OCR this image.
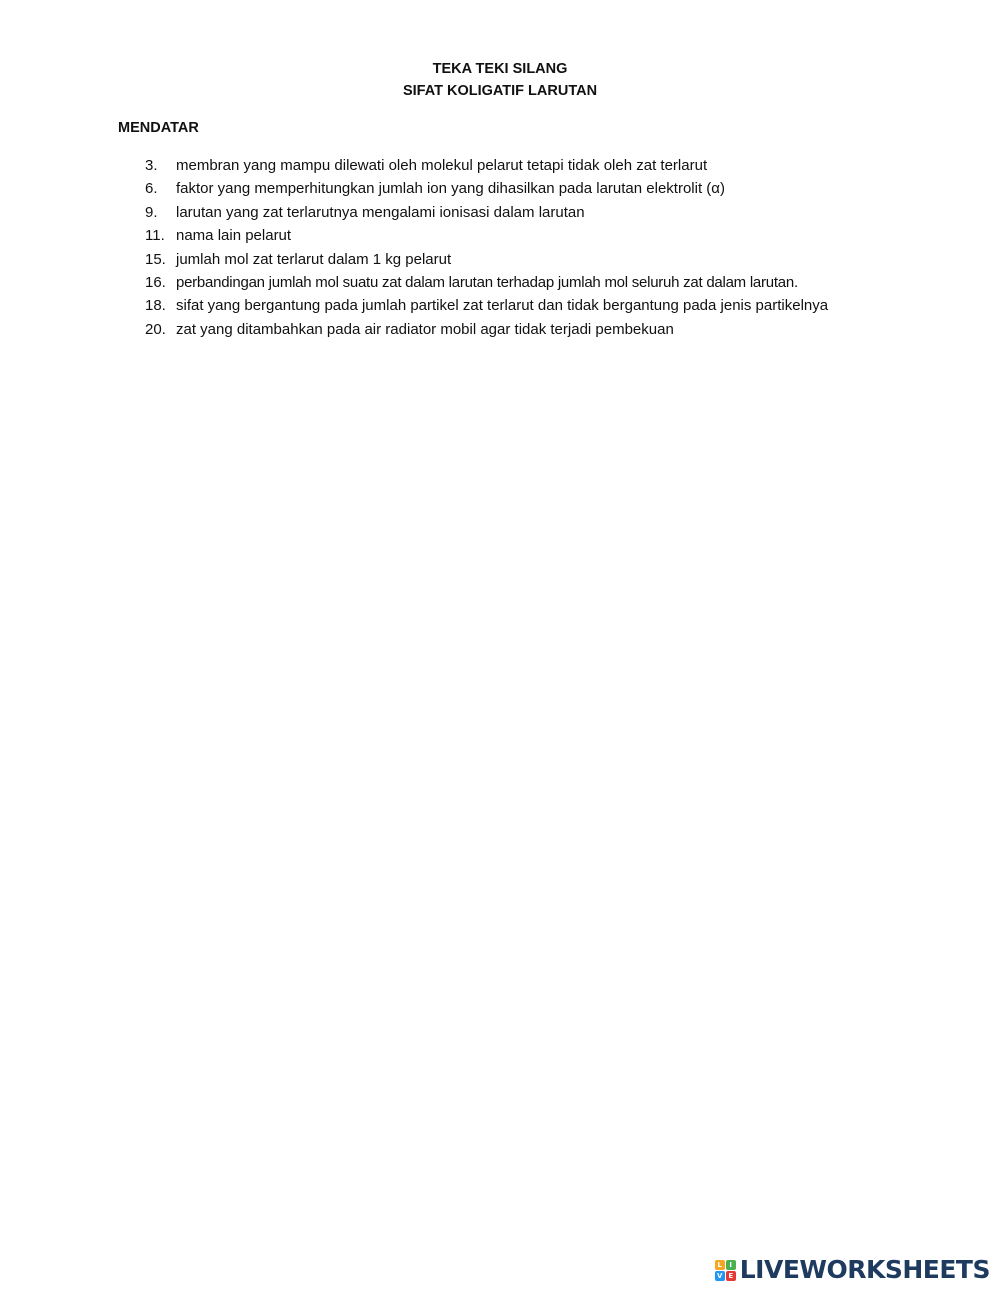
TEKA TEKI SILANG
SIFAT KOLIGATIF LARUTAN
MENDATAR
3.	membran yang mampu dilewati oleh molekul pelarut tetapi tidak oleh zat terlarut
6.	faktor yang memperhitungkan jumlah ion yang dihasilkan pada larutan elektrolit (α)
9.	larutan yang zat terlarutnya mengalami ionisasi dalam larutan
11. nama lain pelarut
15. jumlah mol zat terlarut dalam 1 kg pelarut
16. perbandingan jumlah mol suatu zat dalam larutan terhadap jumlah mol seluruh zat dalam larutan.
18. sifat yang bergantung pada jumlah partikel zat terlarut dan tidak bergantung pada jenis partikelnya
20. zat yang ditambahkan pada air radiator mobil agar tidak terjadi pembekuan
L	I
V E LIVEWORKSHEETS
